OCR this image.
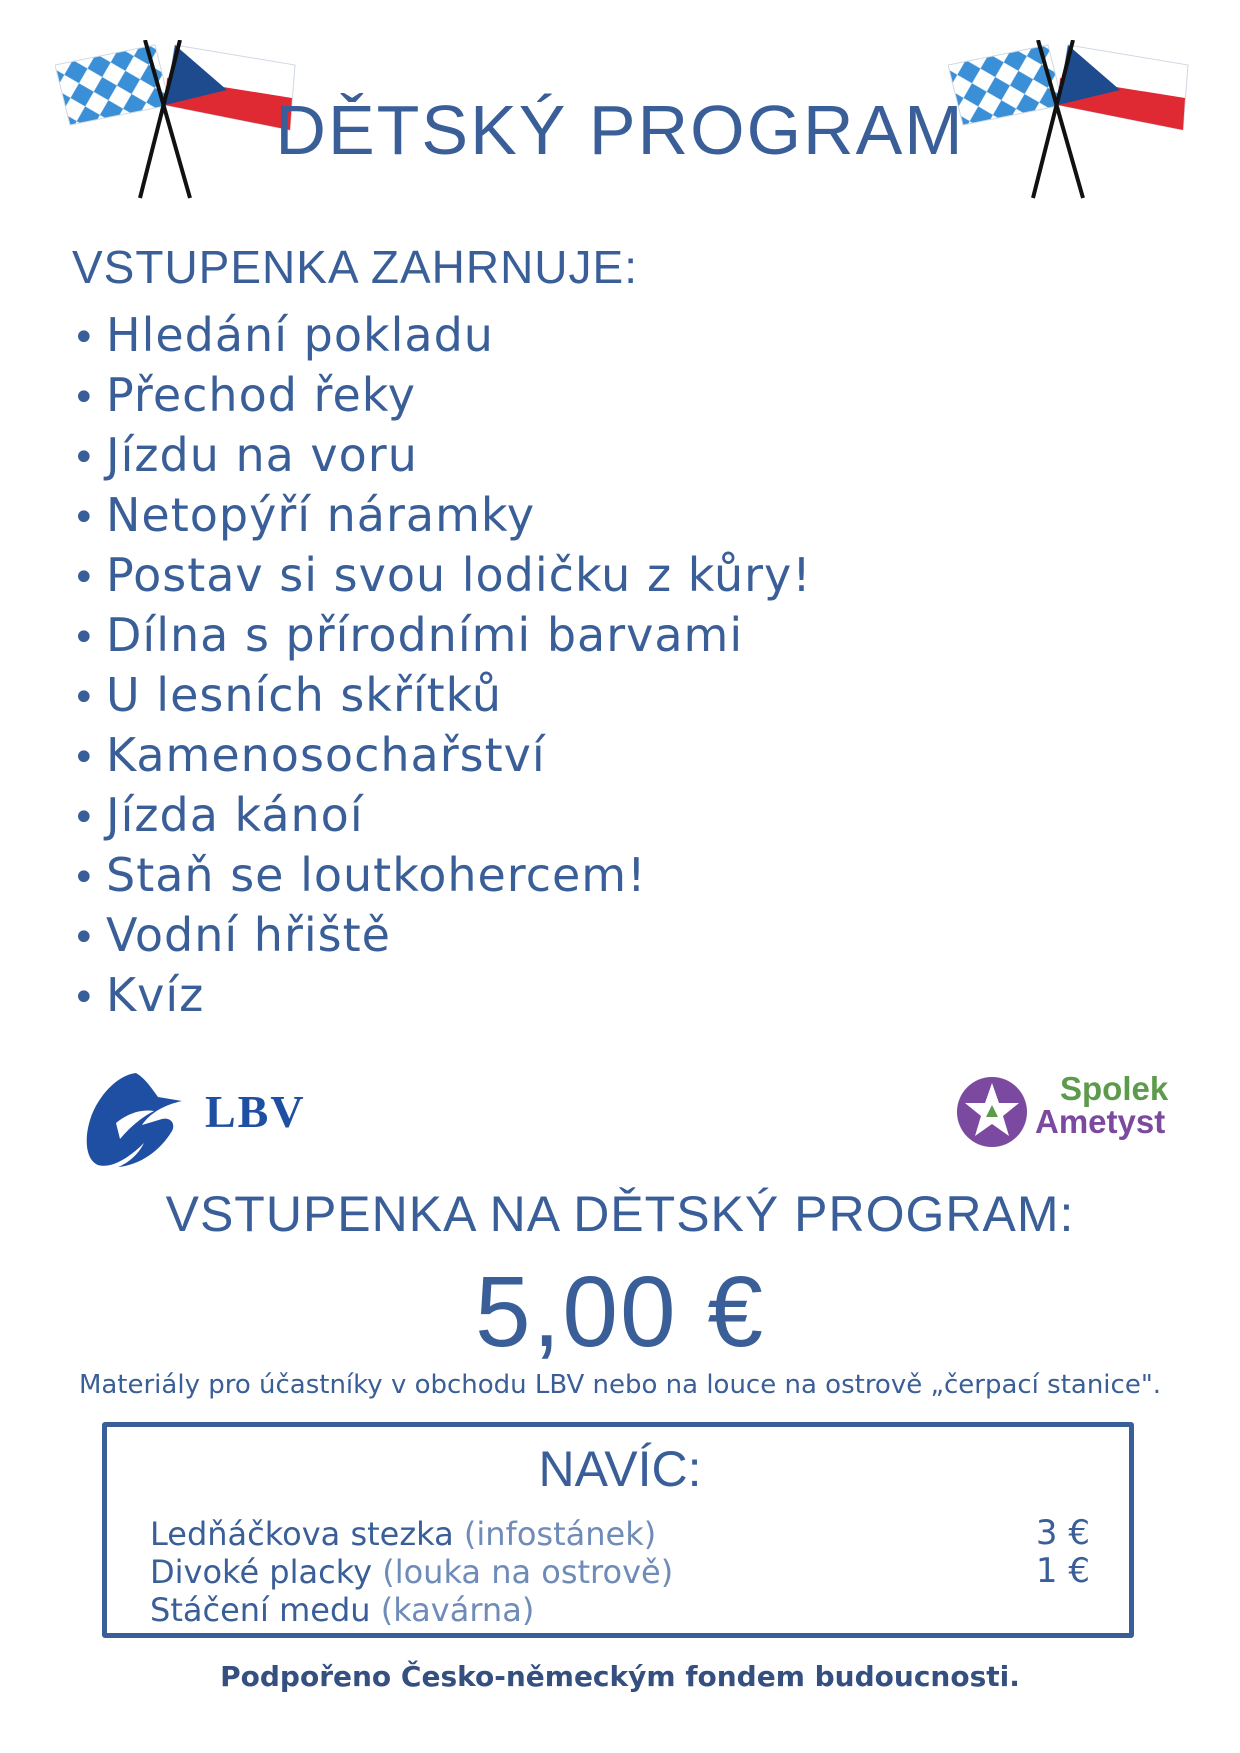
DĚTSKÝ PROGRAM
VSTUPENKA ZAHRNUJE:
• Hledání pokladu
• Přechod řeky
• Jízdu na voru
• Netopýří náramky
• Postav si svou lodičku z kůry!
• Dílna s přírodními barvami
• U lesních skřítků
• Kamenosochařství
• Jízda kánoí
• Staň se loutkohercem!
• Vodní hřiště
• Kvíz
LBV	Spolek
Ametyst
VSTUPENKA NA DĚTSKÝ PROGRAM:
5,00 €
Materiály pro účastníky v obchodu LBV nebo na louce na ostrově „čerpací stanice".
NAVÍC:
Ledňáčkova stezka (infostánek)	3 €
Divoké placky (louka na ostrově)	1 €
Stáčení medu (kavárna)
Podpořeno Česko-německým fondem budoucnosti.
